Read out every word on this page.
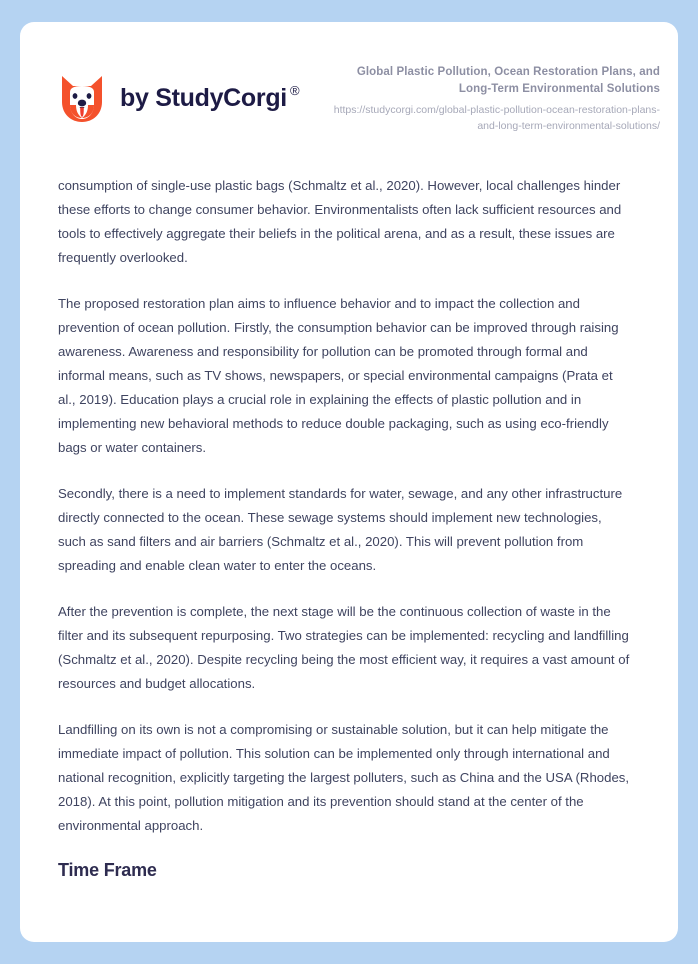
by StudyCorgi ®

Global Plastic Pollution, Ocean Restoration Plans, and Long-Term Environmental Solutions

https://studycorgi.com/global-plastic-pollution-ocean-restoration-plans-and-long-term-environmental-solutions/

consumption of single-use plastic bags (Schmaltz et al., 2020). However, local challenges hinder these efforts to change consumer behavior. Environmentalists often lack sufficient resources and tools to effectively aggregate their beliefs in the political arena, and as a result, these issues are frequently overlooked.

The proposed restoration plan aims to influence behavior and to impact the collection and prevention of ocean pollution. Firstly, the consumption behavior can be improved through raising awareness. Awareness and responsibility for pollution can be promoted through formal and informal means, such as TV shows, newspapers, or special environmental campaigns (Prata et al., 2019). Education plays a crucial role in explaining the effects of plastic pollution and in implementing new behavioral methods to reduce double packaging, such as using eco-friendly bags or water containers.

Secondly, there is a need to implement standards for water, sewage, and any other infrastructure directly connected to the ocean. These sewage systems should implement new technologies, such as sand filters and air barriers (Schmaltz et al., 2020). This will prevent pollution from spreading and enable clean water to enter the oceans.

After the prevention is complete, the next stage will be the continuous collection of waste in the filter and its subsequent repurposing. Two strategies can be implemented: recycling and landfilling (Schmaltz et al., 2020). Despite recycling being the most efficient way, it requires a vast amount of resources and budget allocations.

Landfilling on its own is not a compromising or sustainable solution, but it can help mitigate the immediate impact of pollution. This solution can be implemented only through international and national recognition, explicitly targeting the largest polluters, such as China and the USA (Rhodes, 2018). At this point, pollution mitigation and its prevention should stand at the center of the environmental approach.

Time Frame
